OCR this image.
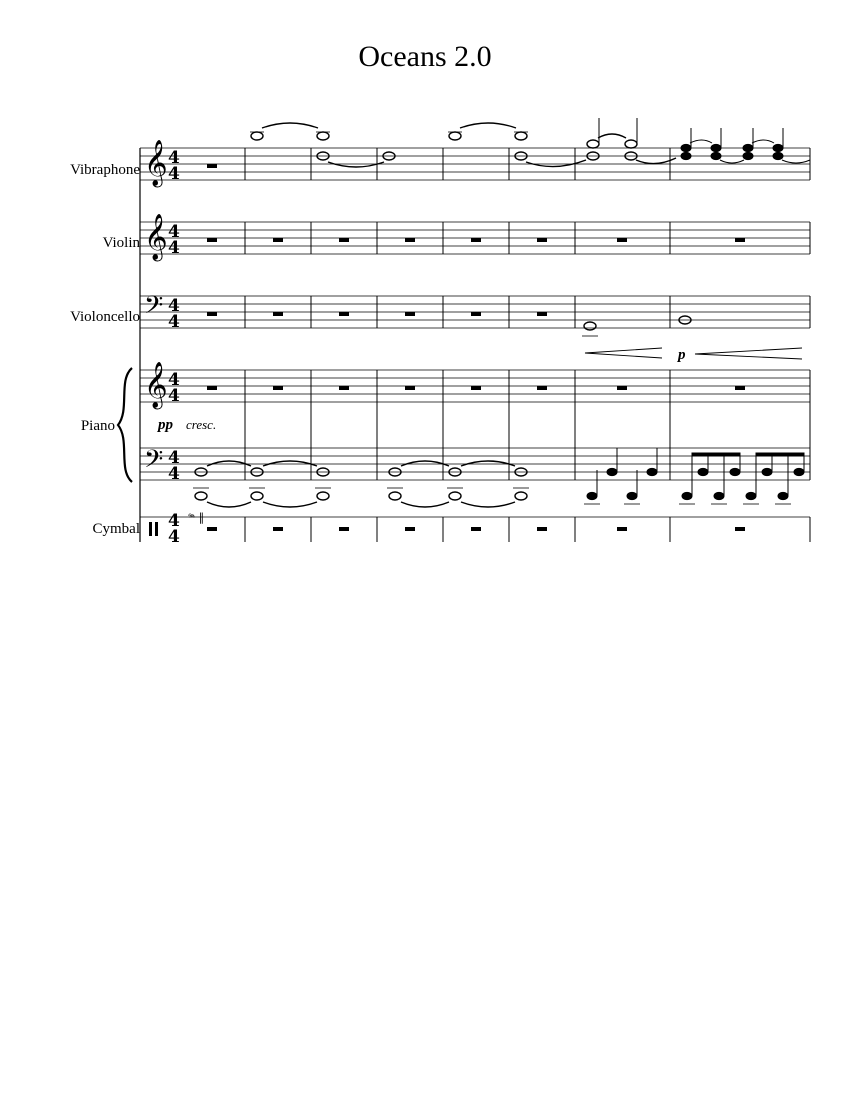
Oceans 2.0
Vibraphone
Violin
Violoncello
Piano
Cymbal
𝄞
𝄞
𝄢
𝄞
𝄢
4
4
4
4
4
4
4
4
4
4
4
4
𝆮 ‖
p
pp cresc.
